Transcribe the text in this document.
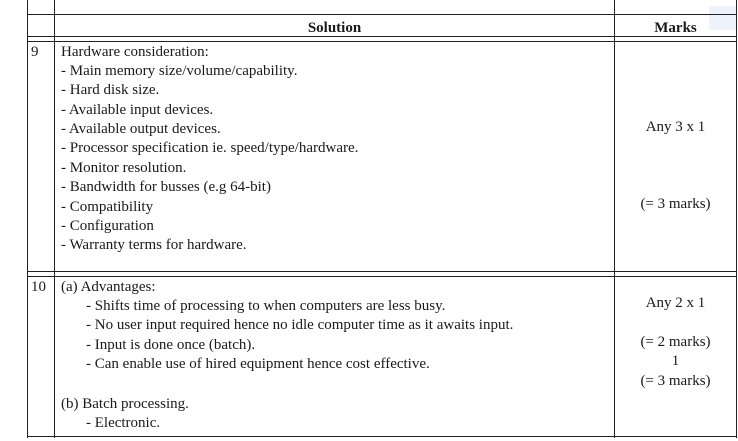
Solution	Marks
9 Hardware consideration:
- Main memory size/volume/capability.
- Hard disk size.
- Available input devices.
- Available output devices.
- Processor specification ie. speed/type/hardware.
- Monitor resolution.
- Bandwidth for busses (e.g 64-bit)
- Compatibility
- Configuration
- Warranty terms for hardware.
Any 3 x 1
(= 3 marks)
10 (a) Advantages:
- Shifts time of processing to when computers are less busy.
- No user input required hence no idle computer time as it awaits input.
- Input is done once (batch).
- Can enable use of hired equipment hence cost effective.
(b) Batch processing.
- Electronic.
Any 2 x 1
(= 2 marks)
1
(= 3 marks)
